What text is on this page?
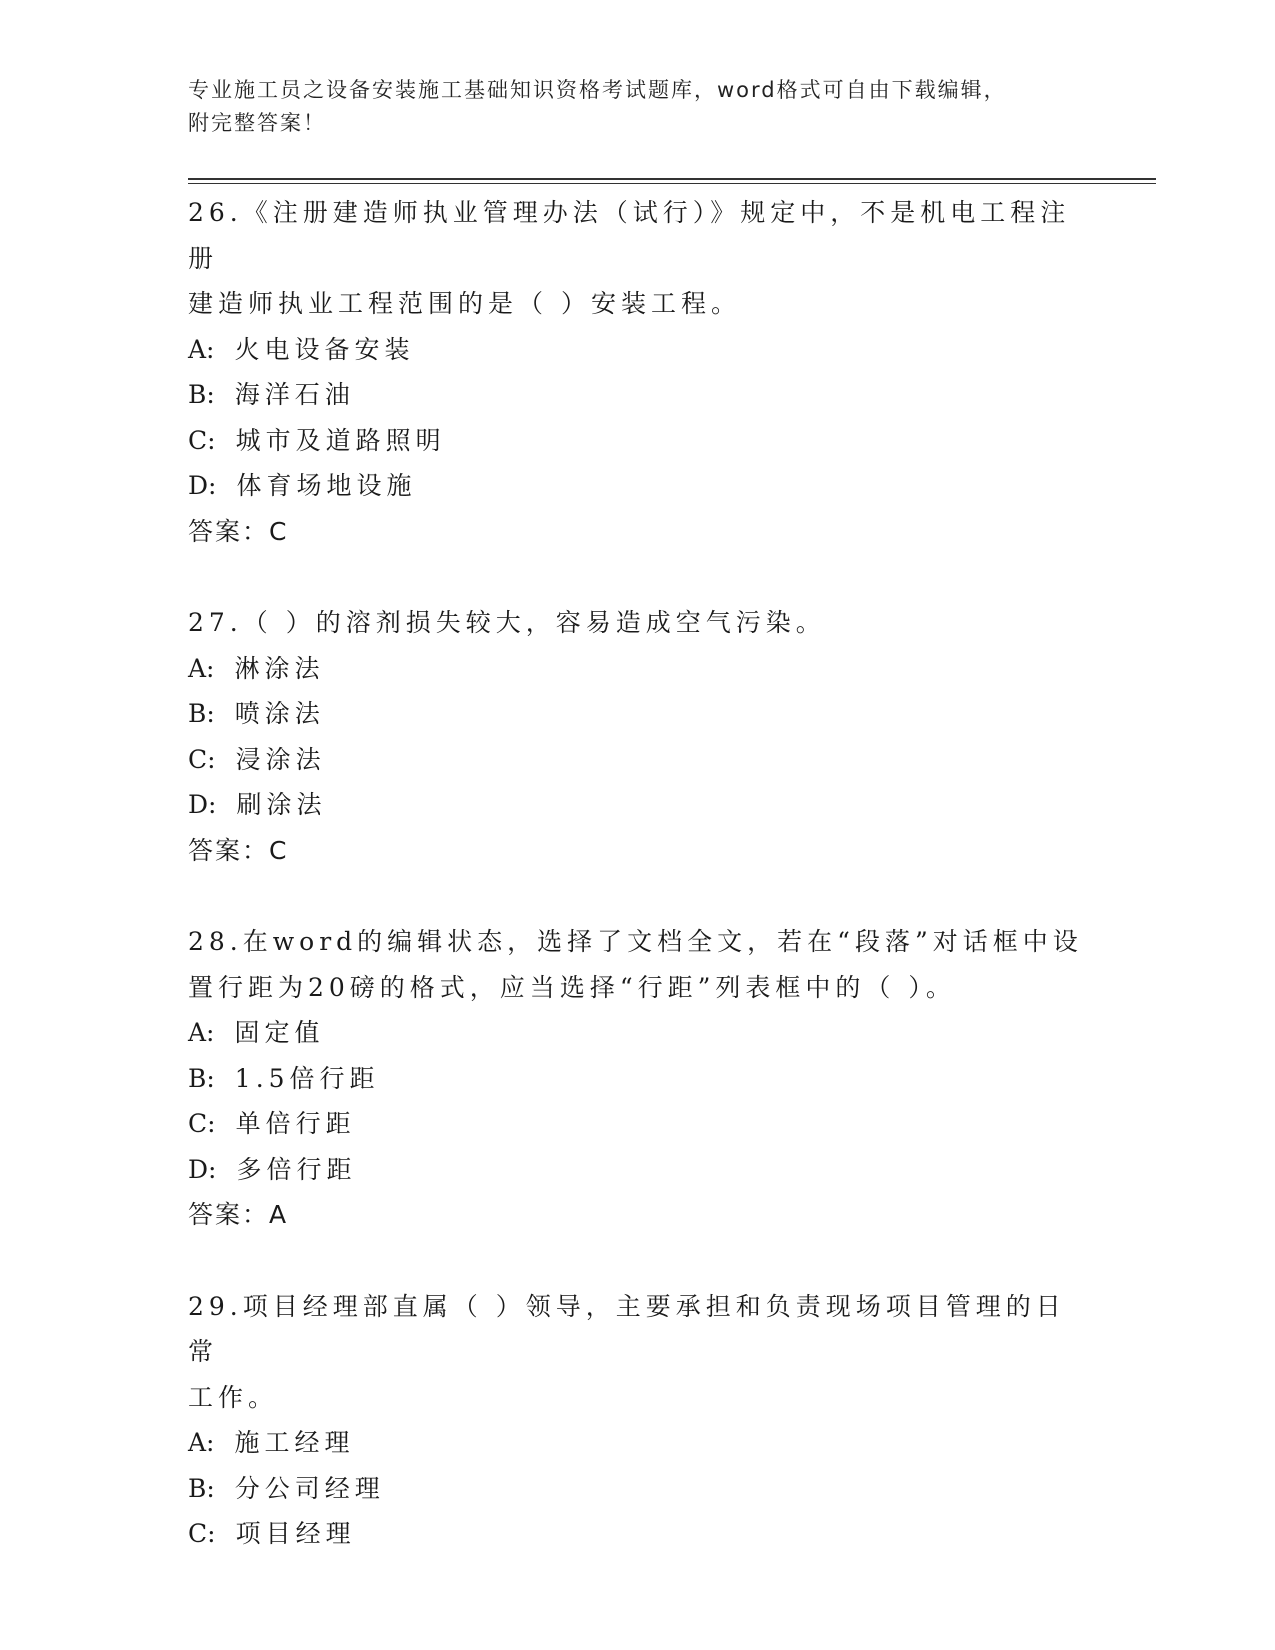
专业施工员之设备安装施工基础知识资格考试题库，word格式可自由下载编辑，
附完整答案！

26.《注册建造师执业管理办法（试行）》规定中，不是机电工程注册

建造师执业工程范围的是（ ）安装工程。

A: 火电设备安装

B: 海洋石油

C: 城市及道路照明

D: 体育场地设施

答案：C

27.（ ）的溶剂损失较大，容易造成空气污染。

A: 淋涂法

B: 喷涂法

C: 浸涂法

D: 刷涂法

答案：C

28.在word的编辑状态，选择了文档全文，若在“段落”对话框中设

置行距为20磅的格式，应当选择“行距”列表框中的（ ）。

A: 固定值

B: 1.5倍行距

C: 单倍行距

D: 多倍行距

答案：A

29.项目经理部直属（ ）领导，主要承担和负责现场项目管理的日常

工作。

A: 施工经理

B: 分公司经理

C: 项目经理
